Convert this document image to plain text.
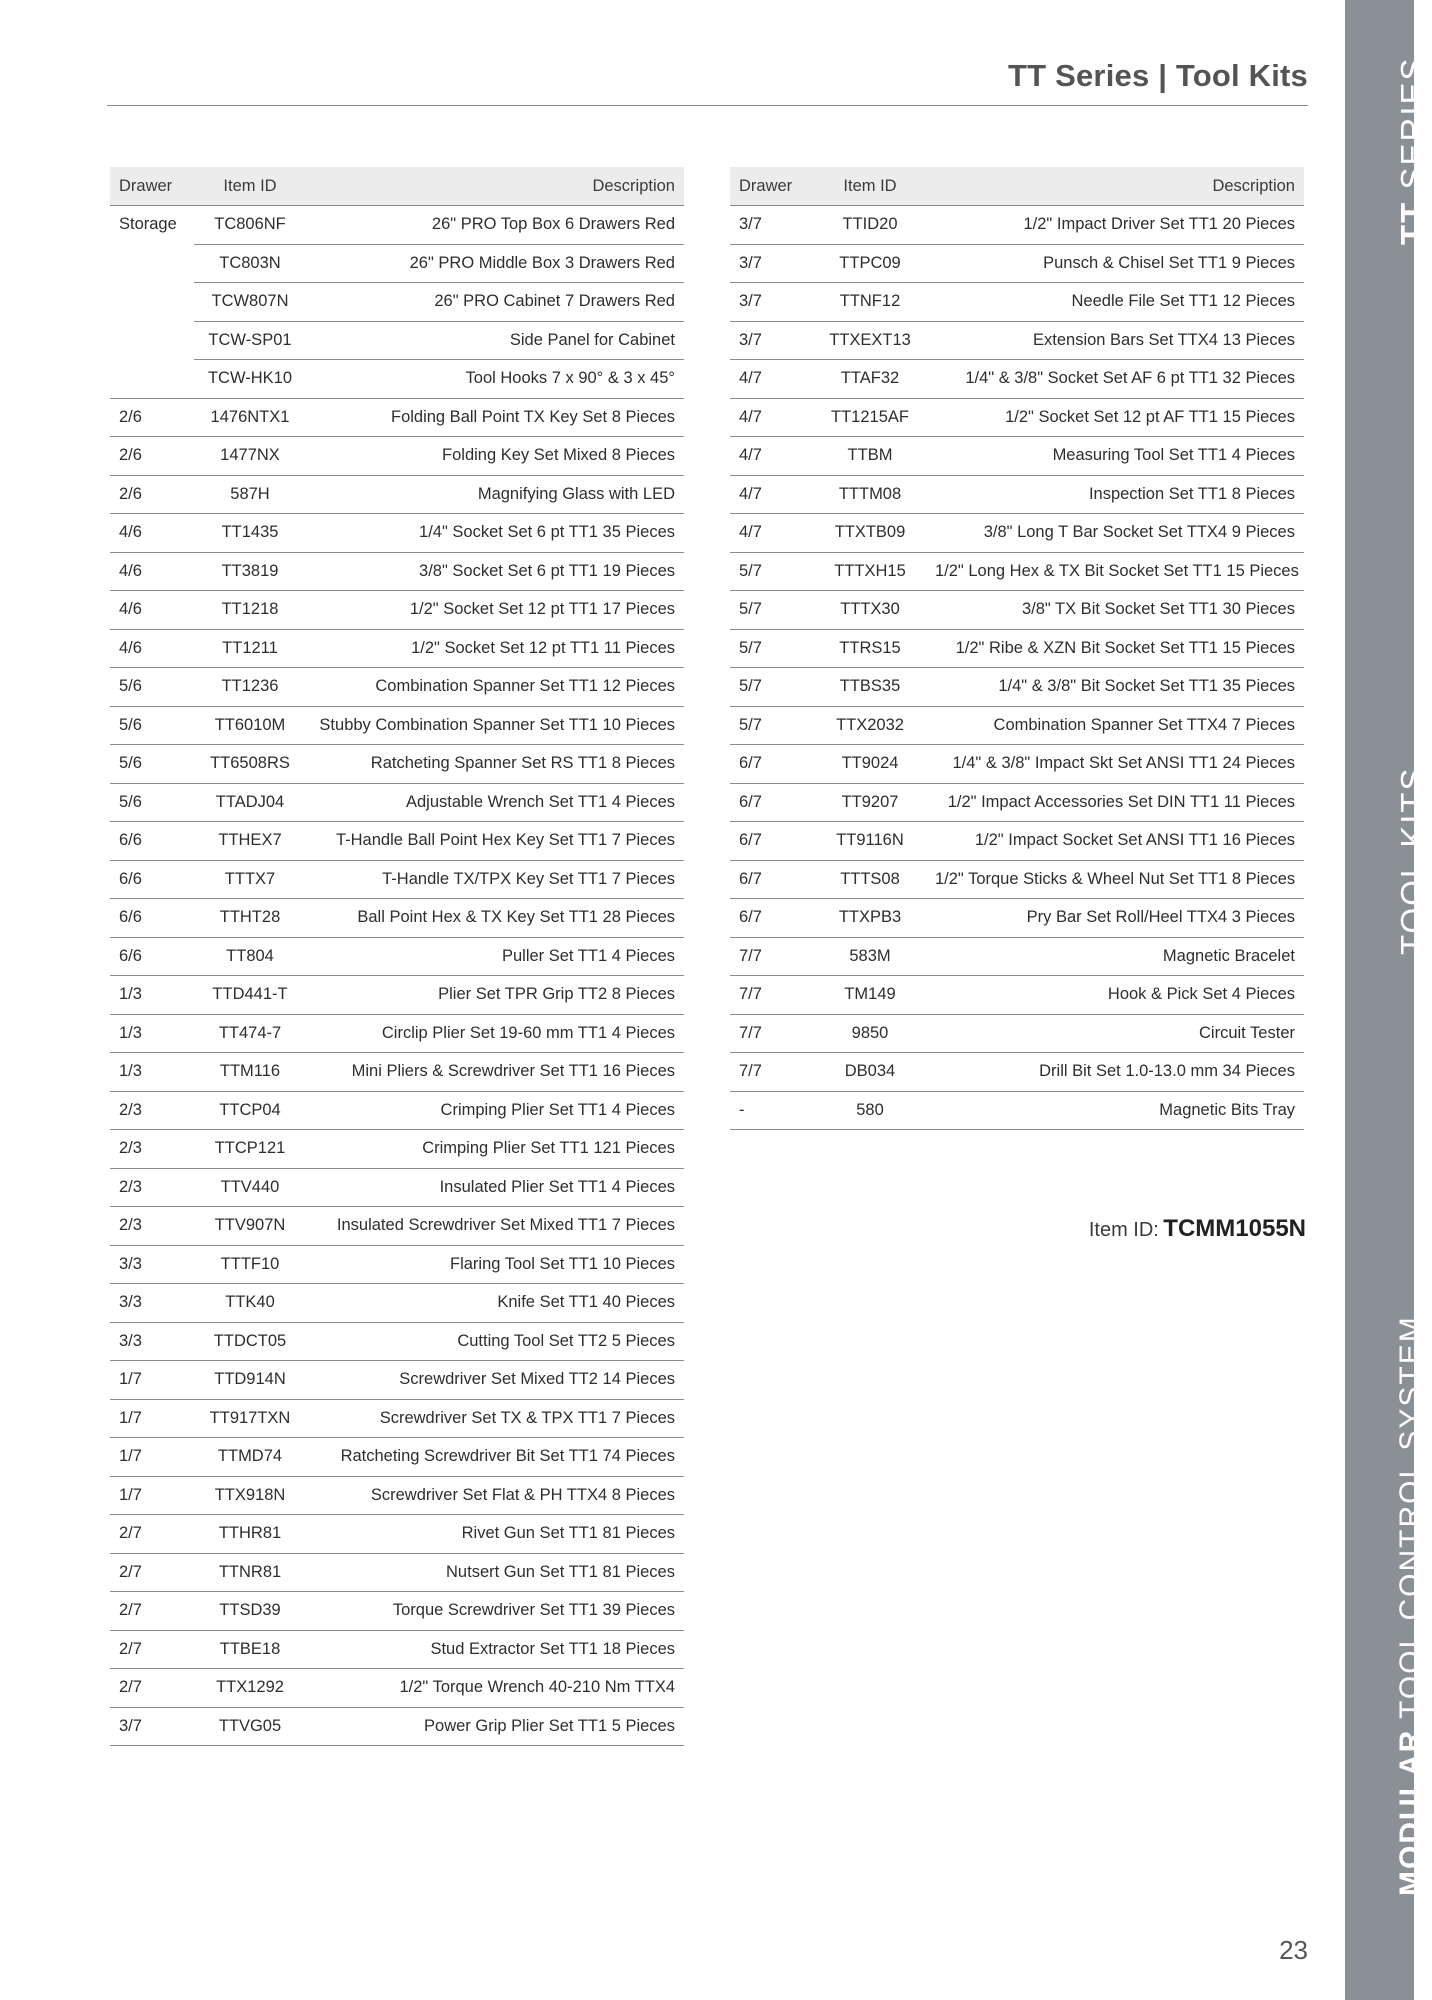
TT Series | Tool Kits
Drawer	Item ID	Description
Storage	TC806NF	26" PRO Top Box 6 Drawers Red
	TC803N	26" PRO Middle Box 3 Drawers Red
	TCW807N	26" PRO Cabinet 7 Drawers Red
	TCW-SP01	Side Panel for Cabinet
	TCW-HK10	Tool Hooks 7 x 90° & 3 x 45°
2/6	1476NTX1	Folding Ball Point TX Key Set 8 Pieces
2/6	1477NX	Folding Key Set Mixed 8 Pieces
2/6	587H	Magnifying Glass with LED
4/6	TT1435	1/4" Socket Set 6 pt TT1 35 Pieces
4/6	TT3819	3/8" Socket Set 6 pt TT1 19 Pieces
4/6	TT1218	1/2" Socket Set 12 pt TT1 17 Pieces
4/6	TT1211	1/2" Socket Set 12 pt TT1 11 Pieces
5/6	TT1236	Combination Spanner Set TT1 12 Pieces
5/6	TT6010M	Stubby Combination Spanner Set TT1 10 Pieces
5/6	TT6508RS	Ratcheting Spanner Set RS TT1 8 Pieces
5/6	TTADJ04	Adjustable Wrench Set TT1 4 Pieces
6/6	TTHEX7	T-Handle Ball Point Hex Key Set TT1 7 Pieces
6/6	TTTX7	T-Handle TX/TPX Key Set TT1 7 Pieces
6/6	TTHT28	Ball Point Hex & TX Key Set TT1 28 Pieces
6/6	TT804	Puller Set TT1 4 Pieces
1/3	TTD441-T	Plier Set TPR Grip TT2 8 Pieces
1/3	TT474-7	Circlip Plier Set 19-60 mm TT1 4 Pieces
1/3	TTM116	Mini Pliers & Screwdriver Set TT1 16 Pieces
2/3	TTCP04	Crimping Plier Set TT1 4 Pieces
2/3	TTCP121	Crimping Plier Set TT1 121 Pieces
2/3	TTV440	Insulated Plier Set TT1 4 Pieces
2/3	TTV907N	Insulated Screwdriver Set Mixed TT1 7 Pieces
3/3	TTTF10	Flaring Tool Set TT1 10 Pieces
3/3	TTK40	Knife Set TT1 40 Pieces
3/3	TTDCT05	Cutting Tool Set TT2 5 Pieces
1/7	TTD914N	Screwdriver Set Mixed TT2 14 Pieces
1/7	TT917TXN	Screwdriver Set TX & TPX TT1 7 Pieces
1/7	TTMD74	Ratcheting Screwdriver Bit Set TT1 74 Pieces
1/7	TTX918N	Screwdriver Set Flat & PH TTX4 8 Pieces
2/7	TTHR81	Rivet Gun Set TT1 81 Pieces
2/7	TTNR81	Nutsert Gun Set TT1 81 Pieces
2/7	TTSD39	Torque Screwdriver Set TT1 39 Pieces
2/7	TTBE18	Stud Extractor Set TT1 18 Pieces
2/7	TTX1292	1/2" Torque Wrench 40-210 Nm TTX4
3/7	TTVG05	Power Grip Plier Set TT1 5 Pieces
Drawer	Item ID	Description
3/7	TTID20	1/2" Impact Driver Set TT1 20 Pieces
3/7	TTPC09	Punsch & Chisel Set TT1 9 Pieces
3/7	TTNF12	Needle File Set TT1 12 Pieces
3/7	TTXEXT13	Extension Bars Set TTX4 13 Pieces
4/7	TTAF32	1/4" & 3/8" Socket Set AF 6 pt TT1 32 Pieces
4/7	TT1215AF	1/2" Socket Set 12 pt AF TT1 15 Pieces
4/7	TTBM	Measuring Tool Set TT1 4 Pieces
4/7	TTTM08	Inspection Set TT1 8 Pieces
4/7	TTXTB09	3/8" Long T Bar Socket Set TTX4 9 Pieces
5/7	TTTXH15	1/2" Long Hex & TX Bit Socket Set TT1 15 Pieces
5/7	TTTX30	3/8" TX Bit Socket Set TT1 30 Pieces
5/7	TTRS15	1/2" Ribe & XZN Bit Socket Set TT1 15 Pieces
5/7	TTBS35	1/4" & 3/8" Bit Socket Set TT1 35 Pieces
5/7	TTX2032	Combination Spanner Set TTX4 7 Pieces
6/7	TT9024	1/4" & 3/8" Impact Skt Set ANSI TT1 24 Pieces
6/7	TT9207	1/2" Impact Accessories Set DIN TT1 11 Pieces
6/7	TT9116N	1/2" Impact Socket Set ANSI TT1 16 Pieces
6/7	TTTS08	1/2" Torque Sticks & Wheel Nut Set TT1 8 Pieces
6/7	TTXPB3	Pry Bar Set Roll/Heel TTX4 3 Pieces
7/7	583M	Magnetic Bracelet
7/7	TM149	Hook & Pick Set 4 Pieces
7/7	9850	Circuit Tester
7/7	DB034	Drill Bit Set 1.0-13.0 mm 34 Pieces
-	580	Magnetic Bits Tray
Item ID: TCMM1055N
TT SERIES
TOOL KITS
MODULAR TOOL CONTROL SYSTEM
23
